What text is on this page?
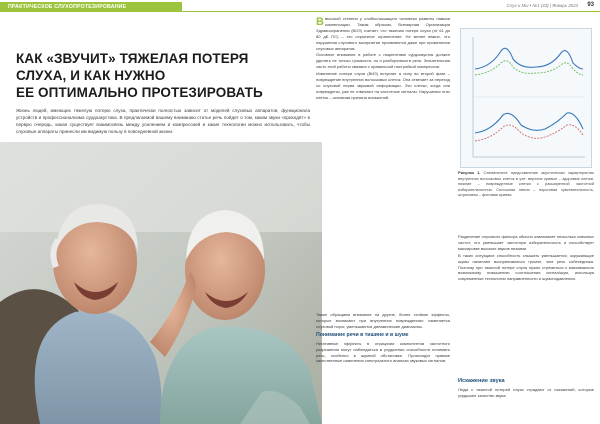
ПРАКТИЧЕСКОЕ СЛУХОПРОТЕЗИРОВАНИЕ	Слух и Мы • №1 (43) | Январь 2023 93
КАК «ЗВУЧИТ» ТЯЖЕЛАЯ ПОТЕРЯ
СЛУХА, И КАК НУЖНО
ЕЕ ОПТИМАЛЬНО ПРОТЕЗИРОВАТЬ

Жизнь людей, имеющих тяжелую потерю слуха, практически полностью зависит от моделей слуховых аппаратов, функционала устройств и профессионализма сурдоакустика. В предлагаемой вашему вниманию статье речь пойдет о том, каким звуки «приходят» в первую очередь, какая существует взаимосвязь между усилением и компрессией и какие технологии можно использовать, чтобы слуховые аппараты принесли им видимую пользу в повседневной жизни.

Ввысокой степени у слабослышащего человека развиты навыки компенсации. Таким образом, Всемирная Организация Здравоохранения (ВОЗ) считает, что тяжелая потеря слуха (от 61 до 80 дБ ПС) – это серьезное ограничение. Не менее важно, что нарушения слухового восприятия проявляются даже при применении слуховых аппаратов.

Основное внимание в работе с пациентами сурдоакустик должен уделять не только громкости, но и разборчивости речи. Значительная часть этой работы связана с правильной настройкой компрессии.

Изменение потери слуха (ВИЗ) вступает в силу во второй фазе – повреждение внутренних волосковых клеток. Она отвечает за переход со слуховой нерва звуковой информации. Эти клетки, когда они повреждены, уже не отвечают на частотные сигналы. Нарушения этих клеток – основная причина искажений.

Также обращаем внимание на другие, более стойкие эффекты, которые возникают при внутренних повреждениях: изменяется слуховой порог, уменьшаются динамические диапазоны.

Понимание речи в тишине и в шуме

Негативные эффекты в отрицании компонентов частотного разрешения могут наблюдаться в ухудшении способности понимать речь, особенно в шумной обстановке. Происходят прямые качественные изменения спектрального анализа звуковых сигналов.

Рисунок 1. Схематичное представление акустических характеристик внутренних волосковых клеток в ухе: верхние кривые – здоровые клетки, нижние – поврежденные клетки с расширенной частотной избирательностью. Сплошная линия – пороговая чувствительность, штриховая – фоновая кривая.

Разделение слухового фильтра обычно охватывает несколько смежных частот, что уменьшает частотную избирательность и способствует маскировке высоких звуков низкими.

В таких ситуациях способность слышать уменьшается; окружающие шумы начинают восприниматься громче, чем речь собеседника. Поэтому при тяжелой потере слуха нужно стремиться к максимально возможному повышению соотношения сигнал/шум, используя современные технологии направленности и шумоподавления.

Искажение звука
Люди с тяжелой потерей слуха страдают от искажений, которые ухудшают качество звука.
